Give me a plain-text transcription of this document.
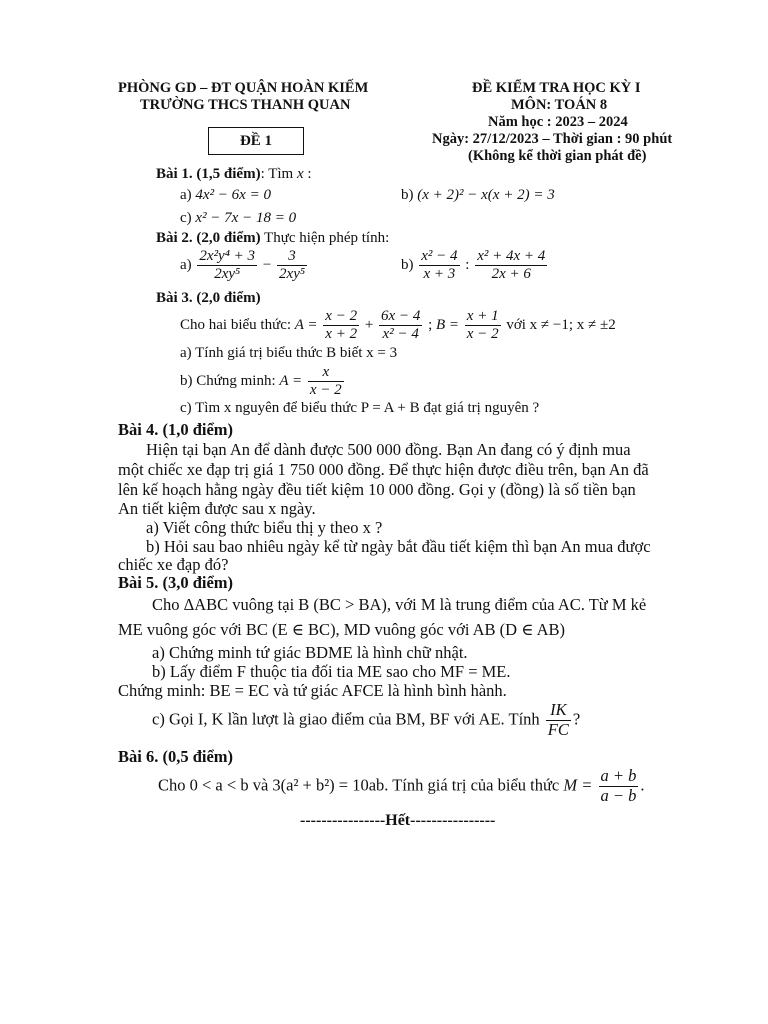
PHÒNG GD – ĐT QUẬN HOÀN KIẾM
TRƯỜNG THCS THANH QUAN
ĐỀ 1
ĐỀ KIỂM TRA HỌC KỲ I
MÔN: TOÁN 8
Năm học : 2023 – 2024
Ngày: 27/12/2023 – Thời gian : 90 phút
(Không kể thời gian phát đề)
Bài 1. (1,5 điểm): Tìm x :
a) 4x² − 6x = 0	b) (x + 2)² − x(x + 2) = 3
c) x² − 7x − 18 = 0
Bài 2. (2,0 điểm) Thực hiện phép tính:
$a) \frac{\text{2x²y⁴ + 3}}{\text{2xy⁵}} - \frac{3}{\text{2xy⁵}}$	$b) \frac{\text{x² − 4}}{x + 3}$ : $\frac{\text{x² + 4x + 4}}{2x + 6}$
Bài 3. (2,0 điểm)
Cho hai biểu thức: $A = \frac{x - 2}{x + 2} + \frac{6x - 4}{\text{x² − 4}}$ ; $B = \frac{x + 1}{x - 2}$ với x ≠ −1; x ≠ ±2
a) Tính giá trị biểu thức B biết x = 3
b) Chứng minh: $A = \frac{x}{x - 2}$
c) Tìm x nguyên để biểu thức P = A + B đạt giá trị nguyên ?
Bài 4. (1,0 điểm)
Hiện tại bạn An để dành được 500 000 đồng. Bạn An đang có ý định mua
một chiếc xe đạp trị giá 1 750 000 đồng. Để thực hiện được điều trên, bạn An đã
lên kế hoạch hằng ngày đều tiết kiệm 10 000 đồng. Gọi y (đồng) là số tiền bạn
An tiết kiệm được sau x ngày.
a) Viết công thức biểu thị y theo x ?
b) Hỏi sau bao nhiêu ngày kể từ ngày bắt đầu tiết kiệm thì bạn An mua được
chiếc xe đạp đó?
Bài 5. (3,0 điểm)
Cho ΔABC vuông tại B (BC > BA), với M là trung điểm của AC. Từ M kẻ
ME vuông góc với BC (E ∈ BC), MD vuông góc với AB (D ∈ AB)
a) Chứng minh tứ giác BDME là hình chữ nhật.
b) Lấy điểm F thuộc tia đối tia ME sao cho MF = ME.
Chứng minh: BE = EC và tứ giác AFCE là hình bình hành.
c) Gọi I, K lần lượt là giao điểm của BM, BF với AE. Tính $\frac{IK}{FC}$ ?
Bài 6. (0,5 điểm)
Cho 0 < a < b và 3(a² + b²) = 10ab. Tính giá trị của biểu thức $M = \frac{a + b}{a - b}$ .
----------------Hết----------------
